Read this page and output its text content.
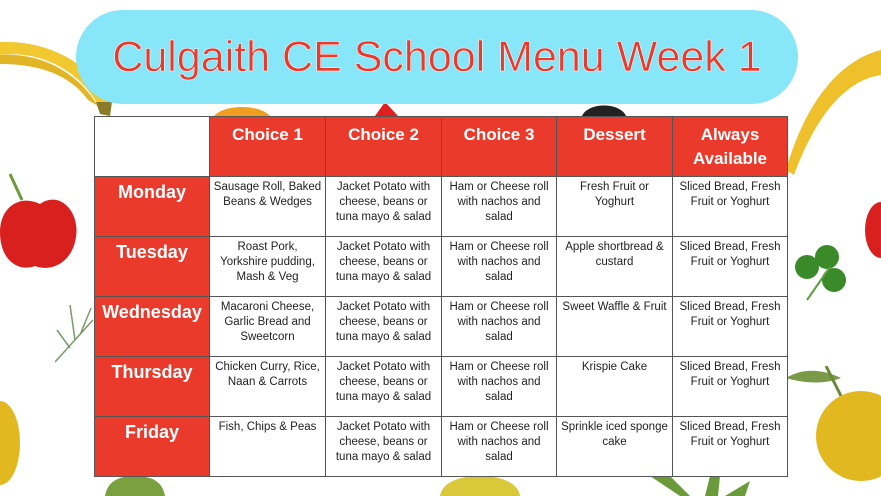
Culgaith CE School Menu Week 1
	Choice 1	Choice 2	Choice 3	Dessert	Always Available
Monday	Sausage Roll, Baked Beans & Wedges	Jacket Potato with cheese, beans or tuna mayo & salad	Ham or Cheese roll with nachos and salad	Fresh Fruit or Yoghurt	Sliced Bread, Fresh Fruit or Yoghurt
Tuesday	Roast Pork, Yorkshire pudding, Mash & Veg	Jacket Potato with cheese, beans or tuna mayo & salad	Ham or Cheese roll with nachos and salad	Apple shortbread & custard	Sliced Bread, Fresh Fruit or Yoghurt
Wednesday	Macaroni Cheese, Garlic Bread and Sweetcorn	Jacket Potato with cheese, beans or tuna mayo & salad	Ham or Cheese roll with nachos and salad	Sweet Waffle & Fruit	Sliced Bread, Fresh Fruit or Yoghurt
Thursday	Chicken Curry, Rice, Naan & Carrots	Jacket Potato with cheese, beans or tuna mayo & salad	Ham or Cheese roll with nachos and salad	Krispie Cake	Sliced Bread, Fresh Fruit or Yoghurt
Friday	Fish, Chips & Peas	Jacket Potato with cheese, beans or tuna mayo & salad	Ham or Cheese roll with nachos and salad	Sprinkle iced sponge cake	Sliced Bread, Fresh Fruit or Yoghurt
